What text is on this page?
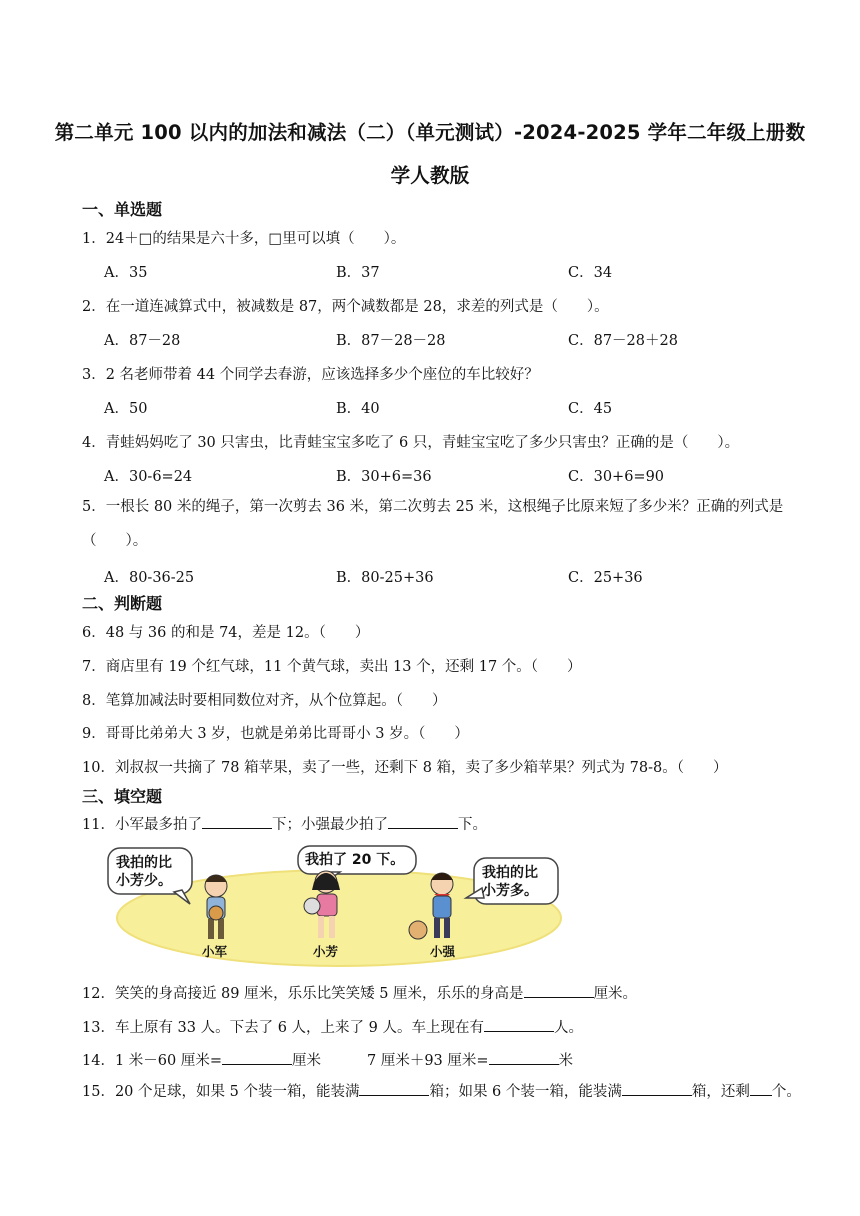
第二单元 100 以内的加法和减法（二）（单元测试）-2024-2025 学年二年级上册数
学人教版
一、单选题
1．24＋□的结果是六十多，□里可以填（　　）。
A．35	B．37	C．34
2．在一道连减算式中，被减数是 87，两个减数都是 28，求差的列式是（　　）。
A．87－28	B．87－28－28	C．87－28＋28
3．2 名老师带着 44 个同学去春游，应该选择多少个座位的车比较好？
A．50	B．40	C．45
4．青蛙妈妈吃了 30 只害虫，比青蛙宝宝多吃了 6 只，青蛙宝宝吃了多少只害虫？正确的是（　　）。
A．30-6=24	B．30+6=36	C．30+6=90
5．一根长 80 米的绳子，第一次剪去 36 米，第二次剪去 25 米，这根绳子比原来短了多少米？正确的列式是（　　）。
A．80-36-25	B．80-25+36	C．25+36
二、判断题
6．48 与 36 的和是 74，差是 12。（　　）
7．商店里有 19 个红气球，11 个黄气球，卖出 13 个，还剩 17 个。（　　）
8．笔算加减法时要相同数位对齐，从个位算起。（　　）
9．哥哥比弟弟大 3 岁，也就是弟弟比哥哥小 3 岁。（　　）
10．刘叔叔一共摘了 78 箱苹果，卖了一些，还剩下 8 箱，卖了多少箱苹果？列式为 78-8。（　　）
三、填空题
11．小军最多拍了	下；小强最少拍了	下。
我拍的比
小芳少。
我拍了 20 下。
我拍的比
小芳多。
小军	小芳	小强
12．笑笑的身高接近 89 厘米，乐乐比笑笑矮 5 厘米，乐乐的身高是	厘米。
13．车上原有 33 人。下去了 6 人，上来了 9 人。车上现在有	人。
14．1 米－60 厘米=	厘米	7 厘米＋93 厘米=	米
15．20 个足球，如果 5 个装一箱，能装满	箱；如果 6 个装一箱，能装满	箱，还剩 个。
